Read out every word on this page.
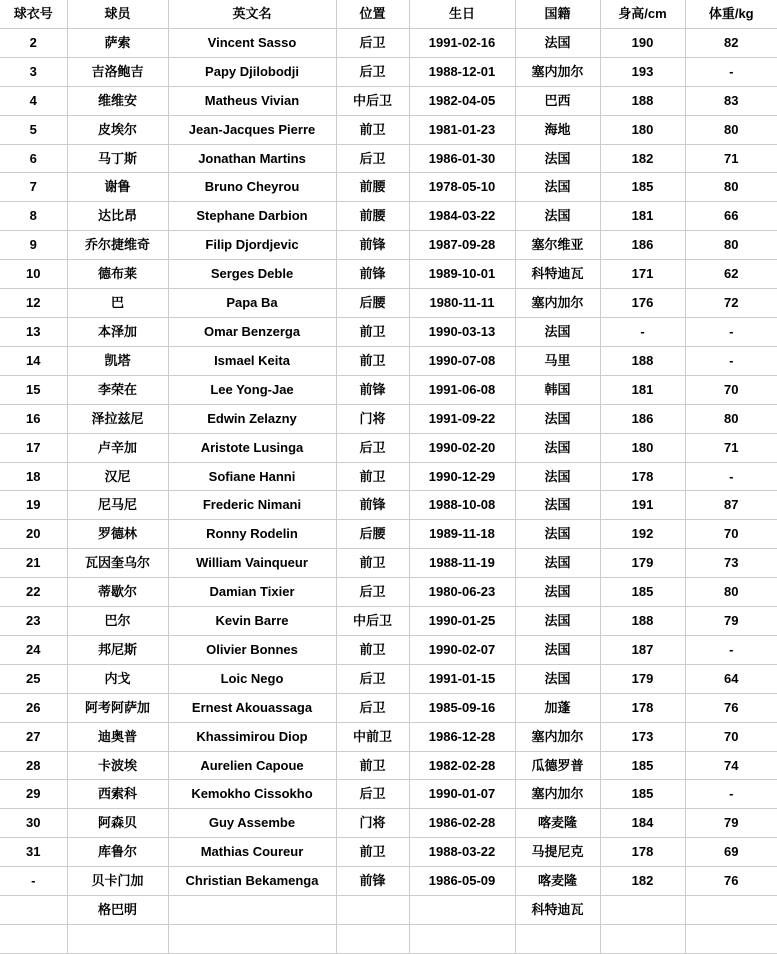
球衣号	球员	英文名	位置	生日	国籍	身高/cm	体重/kg
2	萨索	Vincent Sasso	后卫	1991-02-16	法国	190	82
3	吉洛鲍吉	Papy Djilobodji	后卫	1988-12-01	塞内加尔	193	-
4	维维安	Matheus Vivian	中后卫	1982-04-05	巴西	188	83
5	皮埃尔	Jean-Jacques Pierre	前卫	1981-01-23	海地	180	80
6	马丁斯	Jonathan Martins	后卫	1986-01-30	法国	182	71
7	谢鲁	Bruno Cheyrou	前腰	1978-05-10	法国	185	80
8	达比昂	Stephane Darbion	前腰	1984-03-22	法国	181	66
9	乔尔捷维奇	Filip Djordjevic	前锋	1987-09-28	塞尔维亚	186	80
10	德布莱	Serges Deble	前锋	1989-10-01	科特迪瓦	171	62
12	巴	Papa Ba	后腰	1980-11-11	塞内加尔	176	72
13	本泽加	Omar Benzerga	前卫	1990-03-13	法国	-	-
14	凯塔	Ismael Keita	前卫	1990-07-08	马里	188	-
15	李荣在	Lee Yong-Jae	前锋	1991-06-08	韩国	181	70
16	泽拉兹尼	Edwin Zelazny	门将	1991-09-22	法国	186	80
17	卢辛加	Aristote Lusinga	后卫	1990-02-20	法国	180	71
18	汉尼	Sofiane Hanni	前卫	1990-12-29	法国	178	-
19	尼马尼	Frederic Nimani	前锋	1988-10-08	法国	191	87
20	罗德林	Ronny Rodelin	后腰	1989-11-18	法国	192	70
21	瓦因奎乌尔	William Vainqueur	前卫	1988-11-19	法国	179	73
22	蒂歇尔	Damian Tixier	后卫	1980-06-23	法国	185	80
23	巴尔	Kevin Barre	中后卫	1990-01-25	法国	188	79
24	邦尼斯	Olivier Bonnes	前卫	1990-02-07	法国	187	-
25	内戈	Loic Nego	后卫	1991-01-15	法国	179	64
26	阿考阿萨加	Ernest Akouassaga	后卫	1985-09-16	加蓬	178	76
27	迪奥普	Khassimirou Diop	中前卫	1986-12-28	塞内加尔	173	70
28	卡波埃	Aurelien Capoue	前卫	1982-02-28	瓜德罗普	185	74
29	西索科	Kemokho Cissokho	后卫	1990-01-07	塞内加尔	185	-
30	阿森贝	Guy Assembe	门将	1986-02-28	喀麦隆	184	79
31	库鲁尔	Mathias Coureur	前卫	1988-03-22	马提尼克	178	69
-	贝卡门加	Christian Bekamenga	前锋	1986-05-09	喀麦隆	182	76
	格巴明				科特迪瓦		
